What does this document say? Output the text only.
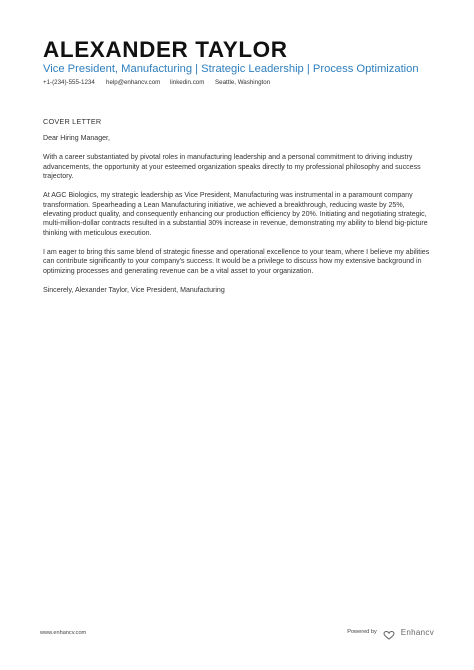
ALEXANDER TAYLOR
Vice President, Manufacturing | Strategic Leadership | Process Optimization
+1-(234)-555-1234	help@enhancv.com	linkedin.com	Seattle, Washington
COVER LETTER

Dear Hiring Manager,

With a career substantiated by pivotal roles in manufacturing leadership and a personal commitment to driving industry advancements, the opportunity at your esteemed organization speaks directly to my professional philosophy and success trajectory.

At AGC Biologics, my strategic leadership as Vice President, Manufacturing was instrumental in a paramount company transformation. Spearheading a Lean Manufacturing initiative, we achieved a breakthrough, reducing waste by 25%, elevating product quality, and consequently enhancing our production efficiency by 20%. Initiating and negotiating strategic, multi-million-dollar contracts resulted in a substantial 30% increase in revenue, demonstrating my ability to blend big-picture thinking with meticulous execution.

I am eager to bring this same blend of strategic finesse and operational excellence to your team, where I believe my abilities can contribute significantly to your company's success. It would be a privilege to discuss how my extensive background in optimizing processes and generating revenue can be a vital asset to your organization.

Sincerely, Alexander Taylor, Vice President, Manufacturing

www.enhancv.com	Powered by	Enhancv
